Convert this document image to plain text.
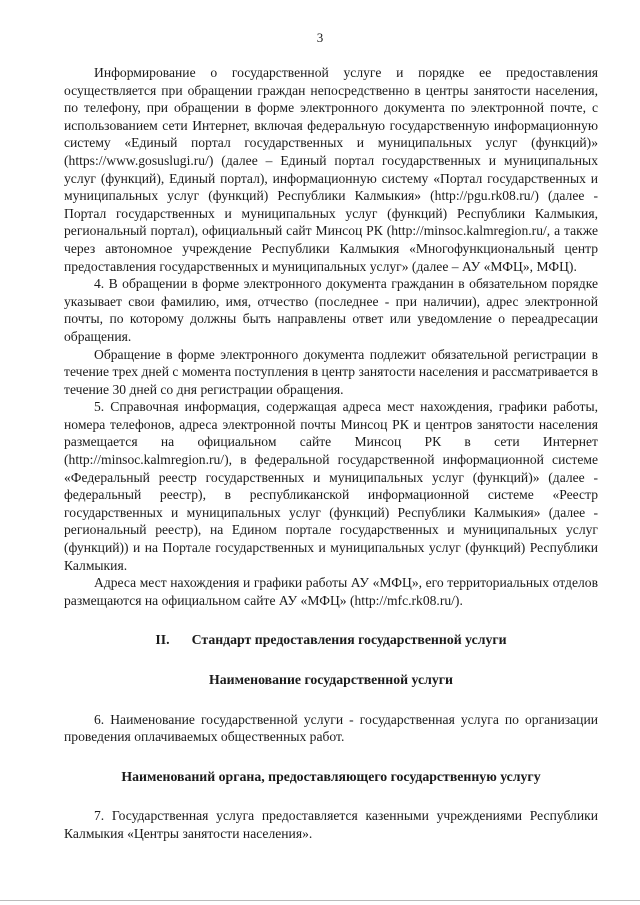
3

Информирование о государственной услуге и порядке ее предоставления осуществляется при обращении граждан непосредственно в центры занятости населения, по телефону, при обращении в форме электронного документа по электронной почте, с использованием сети Интернет, включая федеральную государственную информационную систему «Единый портал государственных и муниципальных услуг (функций)» (https://www.gosuslugi.ru/) (далее – Единый портал государственных и муниципальных услуг (функций), Единый портал), информационную систему «Портал государственных и муниципальных услуг (функций) Республики Калмыкия» (http://pgu.rk08.ru/) (далее - Портал государственных и муниципальных услуг (функций) Республики Калмыкия, региональный портал), официальный сайт Минсоц РК (http://minsoc.kalmregion.ru/, а также через автономное учреждение Республики Калмыкия «Многофункциональный центр предоставления государственных и муниципальных услуг» (далее – АУ «МФЦ», МФЦ).

4. В обращении в форме электронного документа гражданин в обязательном порядке указывает свои фамилию, имя, отчество (последнее - при наличии), адрес электронной почты, по которому должны быть направлены ответ или уведомление о переадресации обращения.

Обращение в форме электронного документа подлежит обязательной регистрации в течение трех дней с момента поступления в центр занятости населения и рассматривается в течение 30 дней со дня регистрации обращения.

5. Справочная информация, содержащая адреса мест нахождения, графики работы, номера телефонов, адреса электронной почты Минсоц РК и центров занятости населения размещается на официальном сайте Минсоц РК в сети Интернет (http://minsoc.kalmregion.ru/), в федеральной государственной информационной системе «Федеральный реестр государственных и муниципальных услуг (функций)» (далее - федеральный реестр), в республиканской информационной системе «Реестр государственных и муниципальных услуг (функций) Республики Калмыкия» (далее - региональный реестр), на Едином портале государственных и муниципальных услуг (функций)) и на Портале государственных и муниципальных услуг (функций) Республики Калмыкия.

Адреса мест нахождения и графики работы АУ «МФЦ», его территориальных отделов размещаются на официальном сайте АУ «МФЦ» (http://mfc.rk08.ru/).

II. Стандарт предоставления государственной услуги
Наименование государственной услуги

6. Наименование государственной услуги - государственная услуга по организации проведения оплачиваемых общественных работ.

Наименований органа, предоставляющего государственную услугу

7. Государственная услуга предоставляется казенными учреждениями Республики Калмыкия «Центры занятости населения».
